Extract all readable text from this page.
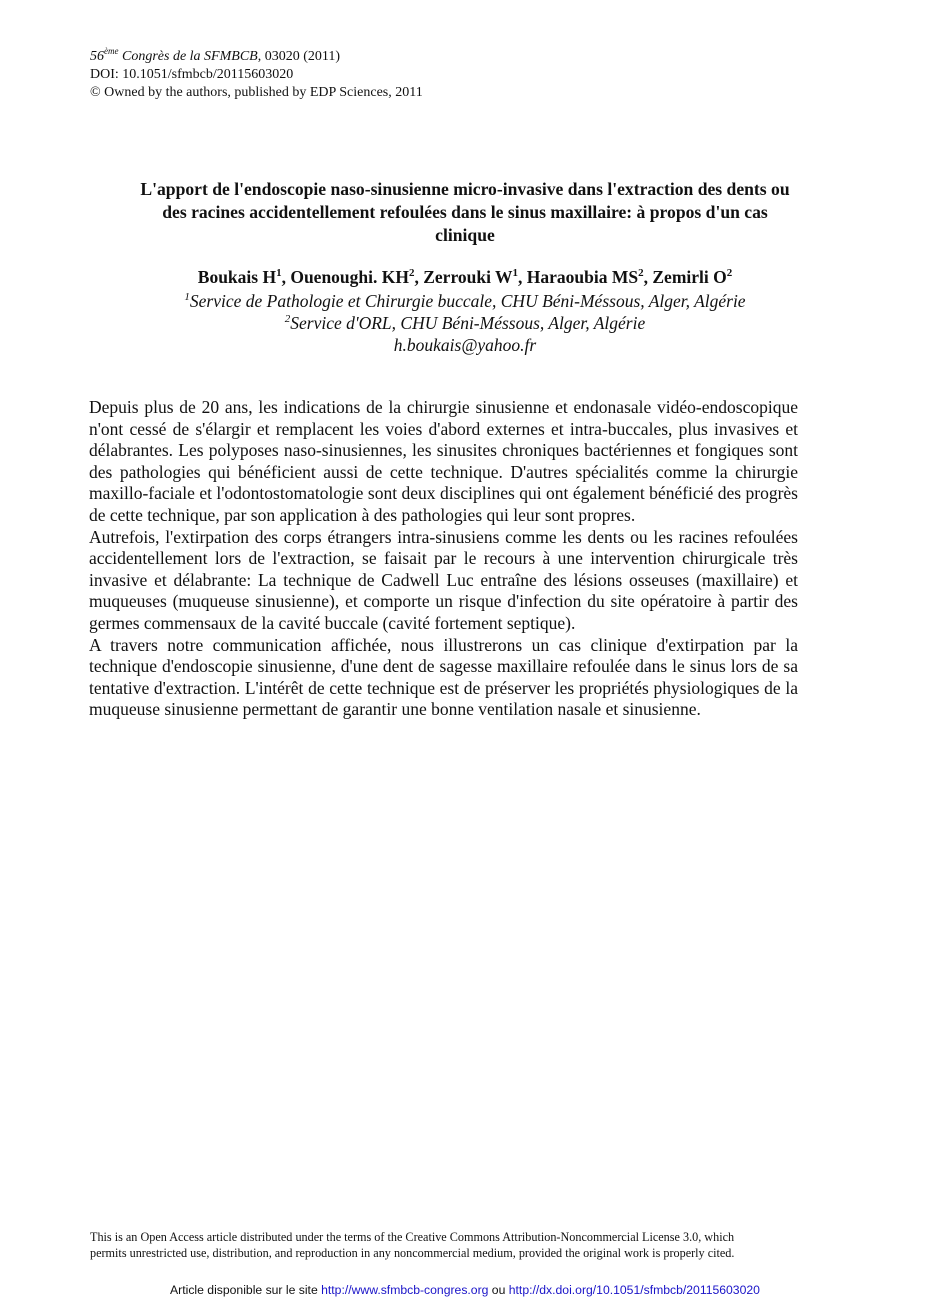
56ème Congrès de la SFMBCB, 03020 (2011)
DOI: 10.1051/sfmbcb/20115603020
© Owned by the authors, published by EDP Sciences, 2011
L'apport de l'endoscopie naso-sinusienne micro-invasive dans l'extraction des dents ou
des racines accidentellement refoulées dans le sinus maxillaire: à propos d'un cas
clinique
Boukais $H^1$, Ouenoughi. $KH^2$, Zerrouki $W^1$, Haraoubia $MS^2$, Zemirli $O^2$
$^1$Service de Pathologie et Chirurgie buccale, CHU Béni-Méssous, Alger, Algérie
$^2$Service d'ORL, CHU Béni-Méssous, Alger, Algérie
h.boukais@yahoo.fr

Depuis plus de 20 ans, les indications de la chirurgie sinusienne et endonasale vidéo-endoscopique n'ont cessé de s'élargir et remplacent les voies d'abord externes et intra-buccales, plus invasives et délabrantes. Les polyposes naso-sinusiennes, les sinusites chroniques bactériennes et fongiques sont des pathologies qui bénéficient aussi de cette technique. D'autres spécialités comme la chirurgie maxillo-faciale et l'odontostomatologie sont deux disciplines qui ont également bénéficié des progrès de cette technique, par son application à des pathologies qui leur sont propres.

Autrefois, l'extirpation des corps étrangers intra-sinusiens comme les dents ou les racines refoulées accidentellement lors de l'extraction, se faisait par le recours à une intervention chirurgicale très invasive et délabrante: La technique de Cadwell Luc entraîne des lésions osseuses (maxillaire) et muqueuses (muqueuse sinusienne), et comporte un risque d'infection du site opératoire à partir des germes commensaux de la cavité buccale (cavité fortement septique).

A travers notre communication affichée, nous illustrerons un cas clinique d'extirpation par la technique d'endoscopie sinusienne, d'une dent de sagesse maxillaire refoulée dans le sinus lors de sa tentative d'extraction. L'intérêt de cette technique est de préserver les propriétés physiologiques de la muqueuse sinusienne permettant de garantir une bonne ventilation nasale et sinusienne.

This is an Open Access article distributed under the terms of the Creative Commons Attribution-Noncommercial License 3.0, which
permits unrestricted use, distribution, and reproduction in any noncommercial medium, provided the original work is properly cited.
Article disponible sur le site http://www.sfmbcb-congres.org ou http://dx.doi.org/10.1051/sfmbcb/20115603020
